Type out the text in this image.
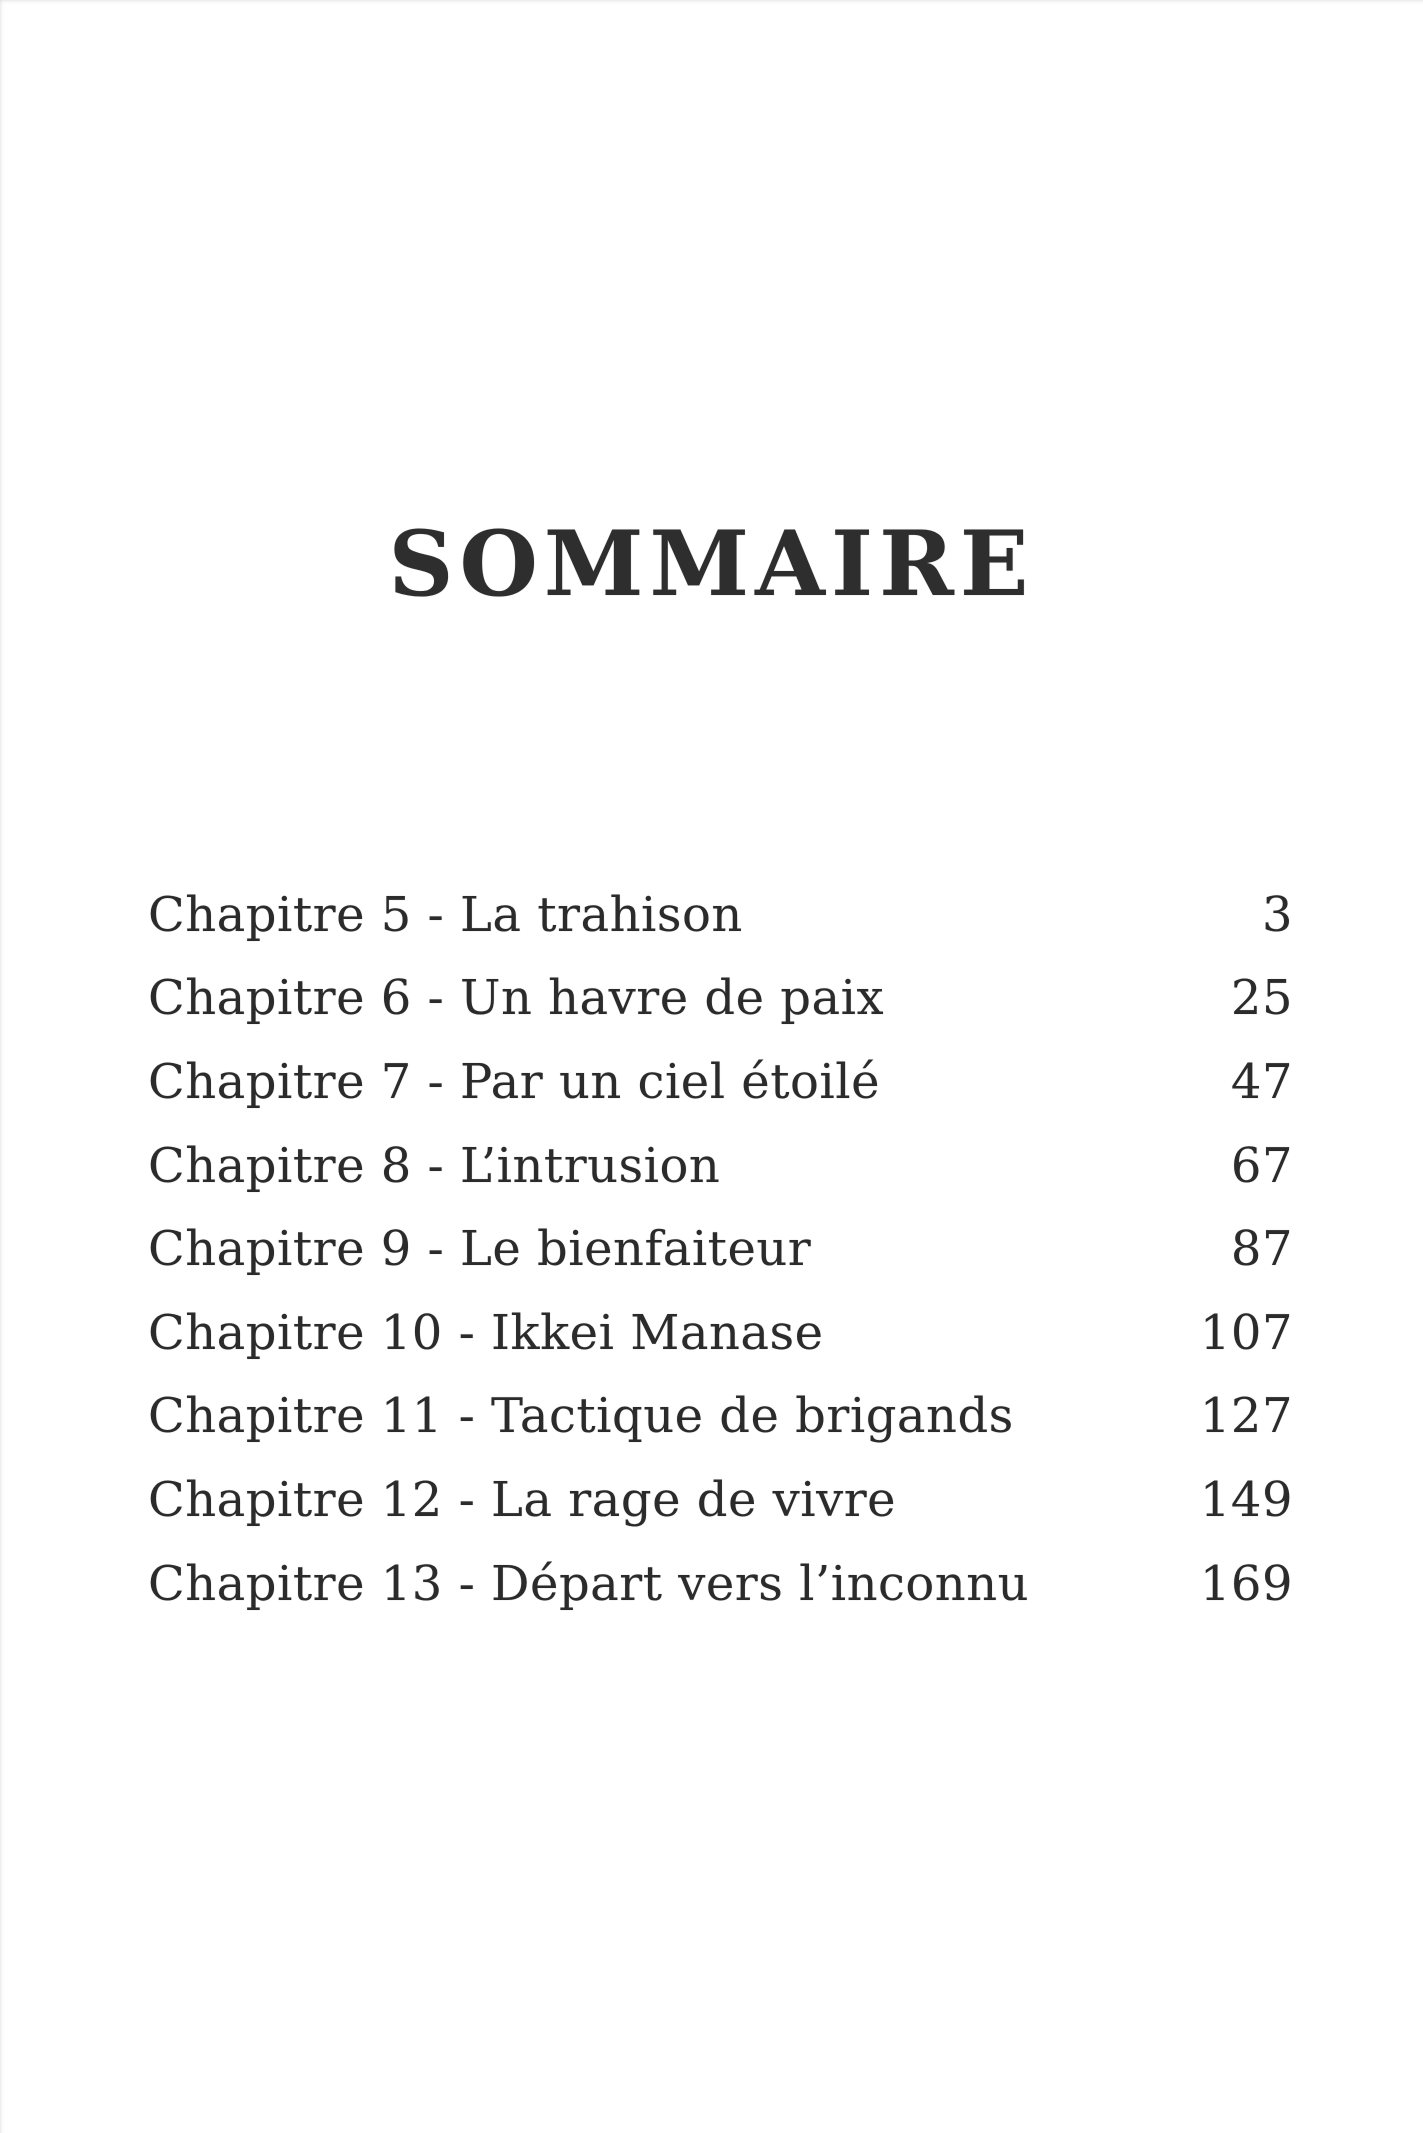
SOMMAIRE
Chapitre 5 - La trahison	3
Chapitre 6 - Un havre de paix	25
Chapitre 7 - Par un ciel étoilé	47
Chapitre 8 - L’intrusion	67
Chapitre 9 - Le bienfaiteur	87
Chapitre 10 - Ikkei Manase	107
Chapitre 11 - Tactique de brigands	127
Chapitre 12 - La rage de vivre	149
Chapitre 13 - Départ vers l’inconnu	169
